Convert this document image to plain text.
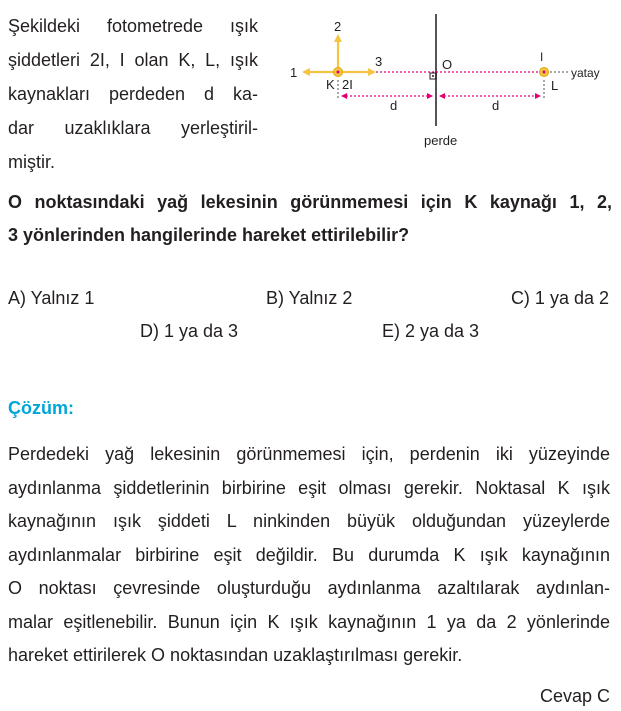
Şekildeki fotometrede ışık
şiddetleri 2I, I olan K, L, ışık
kaynakları perdeden d ka-
dar uzaklıklara yerleştiril-
miştir.
perde
yatay
O
1
2
3
K 2I
I
L
d	d
O noktasındaki yağ lekesinin görünmemesi için K kaynağı 1, 2,
3 yönlerinden hangilerinde hareket ettirilebilir?
A) Yalnız 1	B) Yalnız 2	C) 1 ya da 2
D) 1 ya da 3	E) 2 ya da 3
Çözüm:
Perdedeki yağ lekesinin görünmemesi için, perdenin iki yüzeyinde
aydınlanma şiddetlerinin birbirine eşit olması gerekir. Noktasal K ışık
kaynağının ışık şiddeti L ninkinden büyük olduğundan yüzeylerde
aydınlanmalar birbirine eşit değildir. Bu durumda K ışık kaynağının
O noktası çevresinde oluşturduğu aydınlanma azaltılarak aydınlan-
malar eşitlenebilir. Bunun için K ışık kaynağının 1 ya da 2 yönlerinde
hareket ettirilerek O noktasından uzaklaştırılması gerekir.
Cevap C
